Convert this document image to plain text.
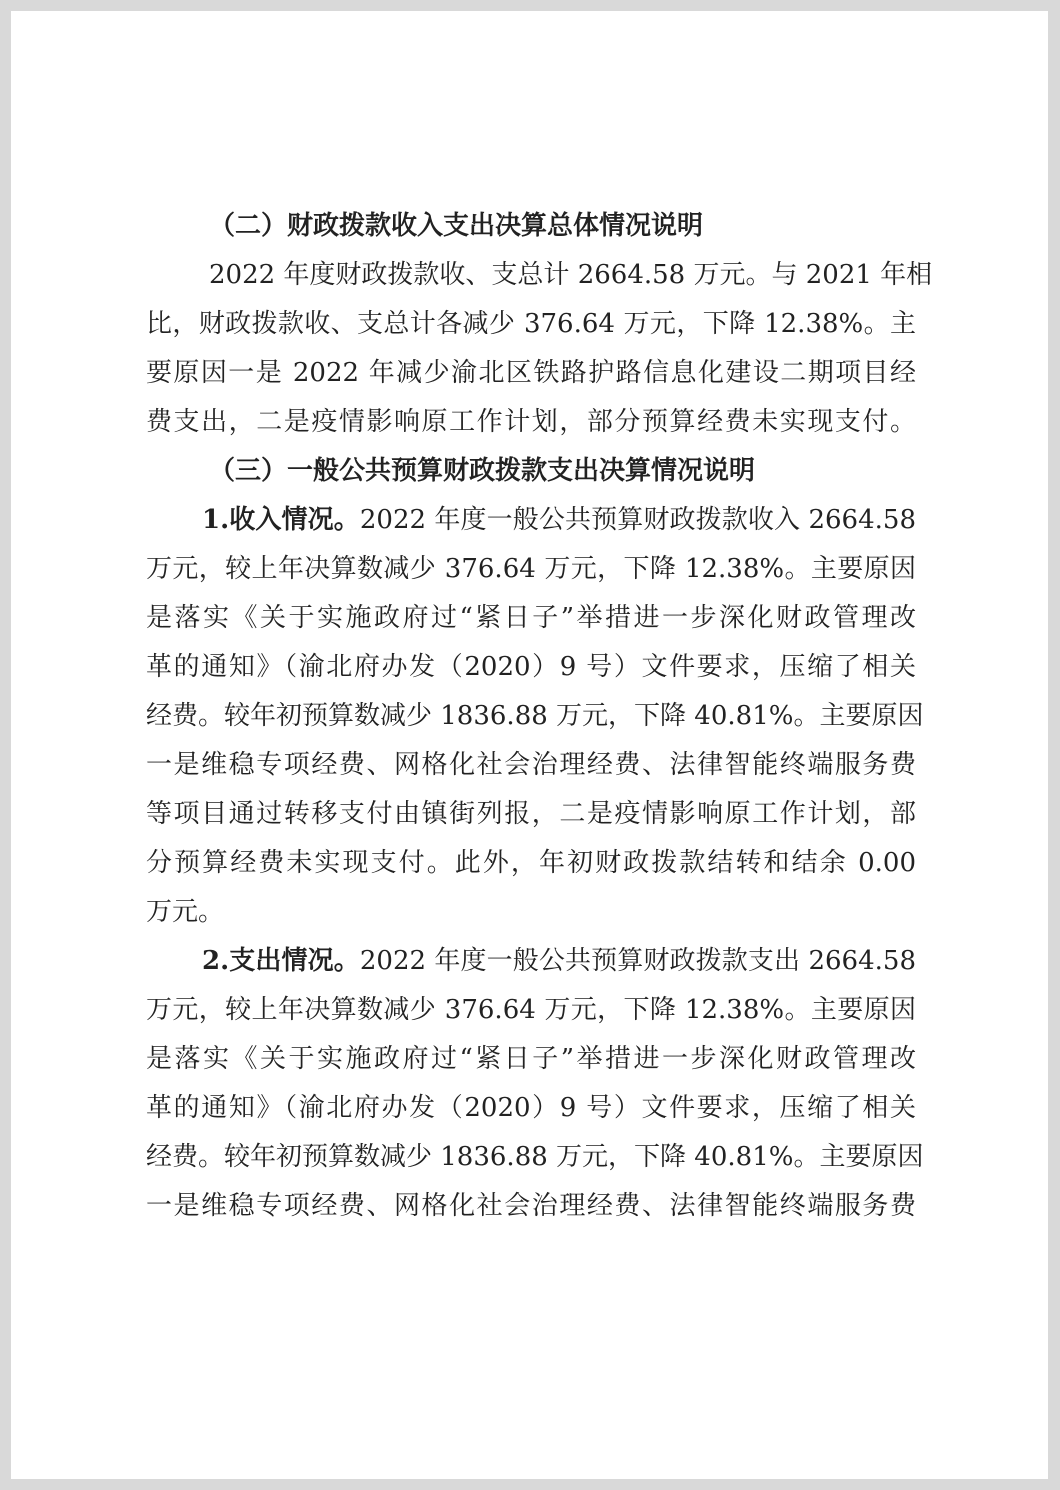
（二）财政拨款收入支出决算总体情况说明
2022 年度财政拨款收、支总计 2664.58 万元。与 2021 年相
比，财政拨款收、支总计各减少 376.64 万元，下降 12.38%。主
要原因一是 2022 年减少渝北区铁路护路信息化建设二期项目经
费支出，二是疫情影响原工作计划，部分预算经费未实现支付。
（三）一般公共预算财政拨款支出决算情况说明
1.收入情况。2022 年度一般公共预算财政拨款收入 2664.58
万元，较上年决算数减少 376.64 万元，下降 12.38%。主要原因
是落实《关于实施政府过“紧日子”举措进一步深化财政管理改
革的通知》（渝北府办发（2020）9 号）文件要求，压缩了相关
经费。较年初预算数减少 1836.88 万元，下降 40.81%。主要原因
一是维稳专项经费、网格化社会治理经费、法律智能终端服务费
等项目通过转移支付由镇街列报，二是疫情影响原工作计划，部
分预算经费未实现支付。此外，年初财政拨款结转和结余 0.00
万元。
2.支出情况。2022 年度一般公共预算财政拨款支出 2664.58
万元，较上年决算数减少 376.64 万元，下降 12.38%。主要原因
是落实《关于实施政府过“紧日子”举措进一步深化财政管理改
革的通知》（渝北府办发（2020）9 号）文件要求，压缩了相关
经费。较年初预算数减少 1836.88 万元，下降 40.81%。主要原因
一是维稳专项经费、网格化社会治理经费、法律智能终端服务费
